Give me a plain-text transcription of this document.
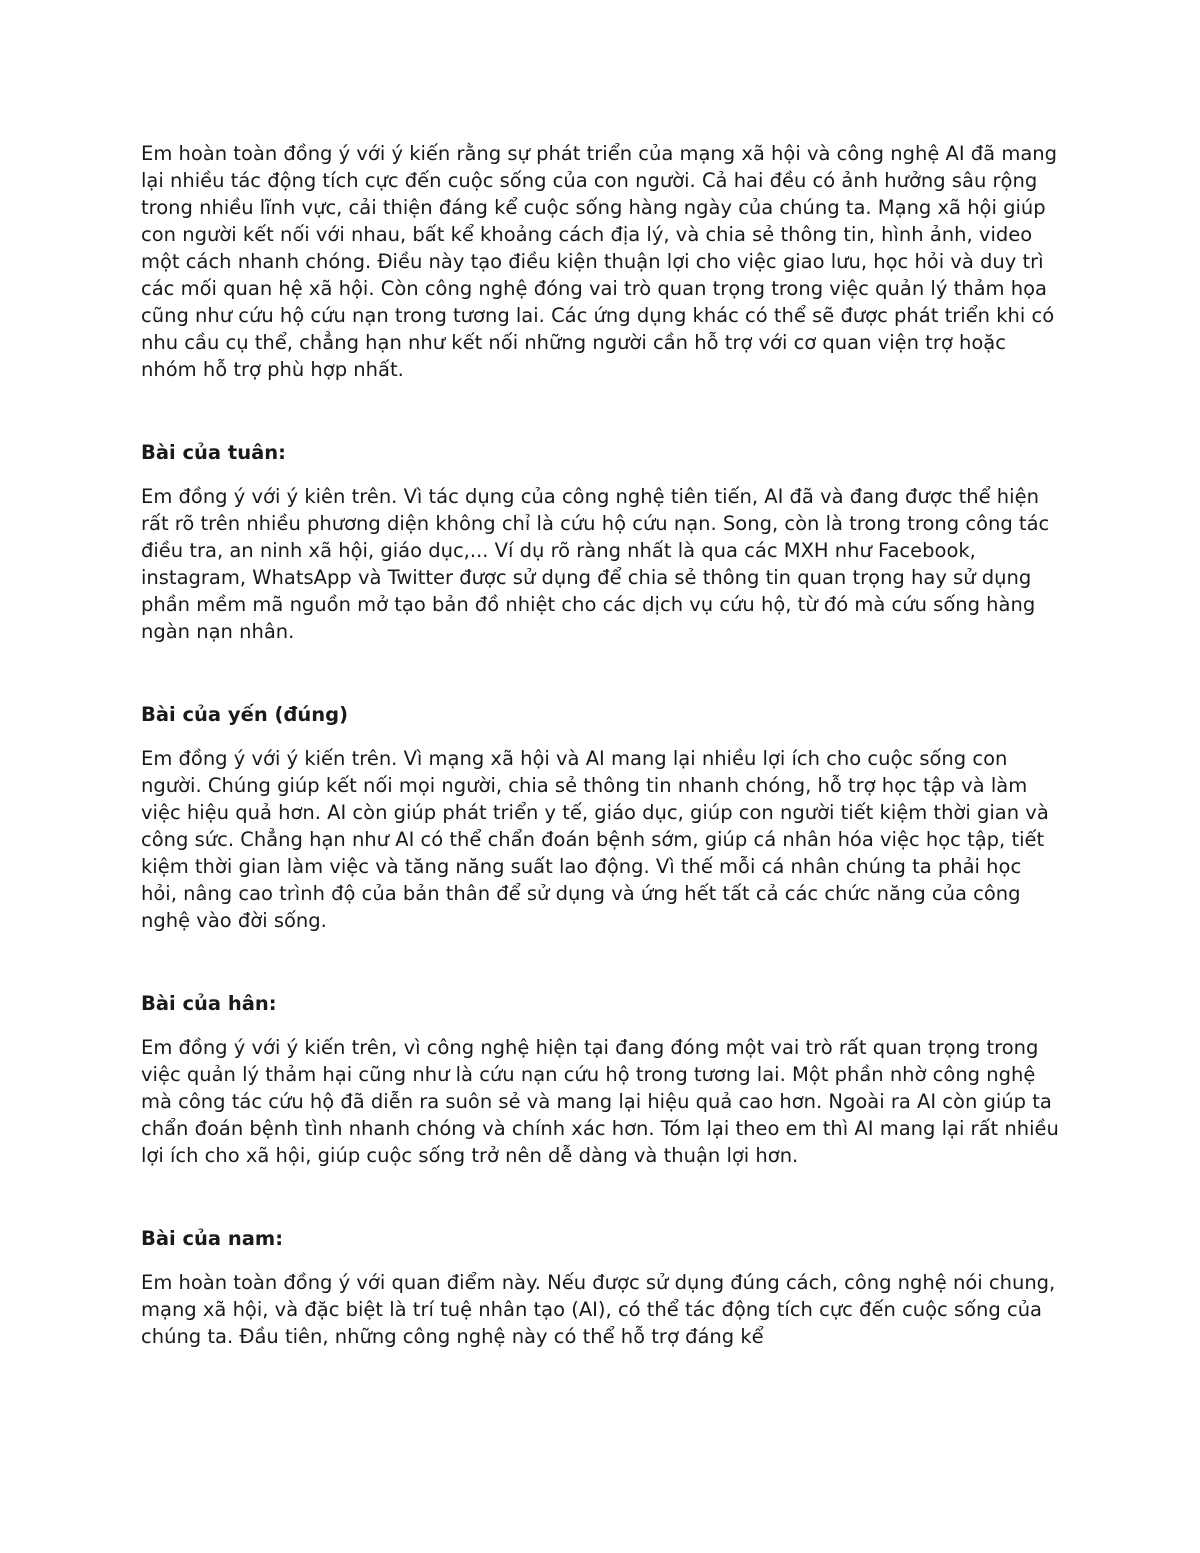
Em hoàn toàn đồng ý với ý kiến rằng sự phát triển của mạng xã hội và công nghệ AI đã mang lại nhiều tác động tích cực đến cuộc sống của con người. Cả hai đều có ảnh hưởng sâu rộng trong nhiều lĩnh vực, cải thiện đáng kể cuộc sống hàng ngày của chúng ta. Mạng xã hội giúp con người kết nối với nhau, bất kể khoảng cách địa lý, và chia sẻ thông tin, hình ảnh, video một cách nhanh chóng. Điều này tạo điều kiện thuận lợi cho việc giao lưu, học hỏi và duy trì các mối quan hệ xã hội. Còn công nghệ đóng vai trò quan trọng trong việc quản lý thảm họa cũng như cứu hộ cứu nạn trong tương lai. Các ứng dụng khác có thể sẽ được phát triển khi có nhu cầu cụ thể, chẳng hạn như kết nối những người cần hỗ trợ với cơ quan viện trợ hoặc nhóm hỗ trợ phù hợp nhất.

Bài của tuân:

Em đồng ý với ý kiên trên. Vì tác dụng của công nghệ tiên tiến, AI đã và đang được thể hiện rất rõ trên nhiều phương diện không chỉ là cứu hộ cứu nạn. Song, còn là trong trong công tác điều tra, an ninh xã hội, giáo dục,... Ví dụ rõ ràng nhất là qua các MXH như Facebook, instagram, WhatsApp và Twitter được sử dụng để chia sẻ thông tin quan trọng hay sử dụng phần mềm mã nguồn mở tạo bản đồ nhiệt cho các dịch vụ cứu hộ, từ đó mà cứu sống hàng ngàn nạn nhân.

Bài của yến (đúng)

Em đồng ý với ý kiến trên. Vì mạng xã hội và AI mang lại nhiều lợi ích cho cuộc sống con người. Chúng giúp kết nối mọi người, chia sẻ thông tin nhanh chóng, hỗ trợ học tập và làm việc hiệu quả hơn. AI còn giúp phát triển y tế, giáo dục, giúp con người tiết kiệm thời gian và công sức. Chẳng hạn như AI có thể chẩn đoán bệnh sớm, giúp cá nhân hóa việc học tập, tiết kiệm thời gian làm việc và tăng năng suất lao động. Vì thế mỗi cá nhân chúng ta phải học hỏi, nâng cao trình độ của bản thân để sử dụng và ứng hết tất cả các chức năng của công nghệ vào đời sống.

Bài của hân:

Em đồng ý với ý kiến trên, vì công nghệ hiện tại đang đóng một vai trò rất quan trọng trong việc quản lý thảm hại cũng như là cứu nạn cứu hộ trong tương lai. Một phần nhờ công nghệ mà công tác cứu hộ đã diễn ra suôn sẻ và mang lại hiệu quả cao hơn. Ngoài ra AI còn giúp ta chẩn đoán bệnh tình nhanh chóng và chính xác hơn. Tóm lại theo em thì AI mang lại rất nhiều lợi ích cho xã hội, giúp cuộc sống trở nên dễ dàng và thuận lợi hơn.

Bài của nam:

Em hoàn toàn đồng ý với quan điểm này. Nếu được sử dụng đúng cách, công nghệ nói chung, mạng xã hội, và đặc biệt là trí tuệ nhân tạo (AI), có thể tác động tích cực đến cuộc sống của chúng ta. Đầu tiên, những công nghệ này có thể hỗ trợ đáng kể
